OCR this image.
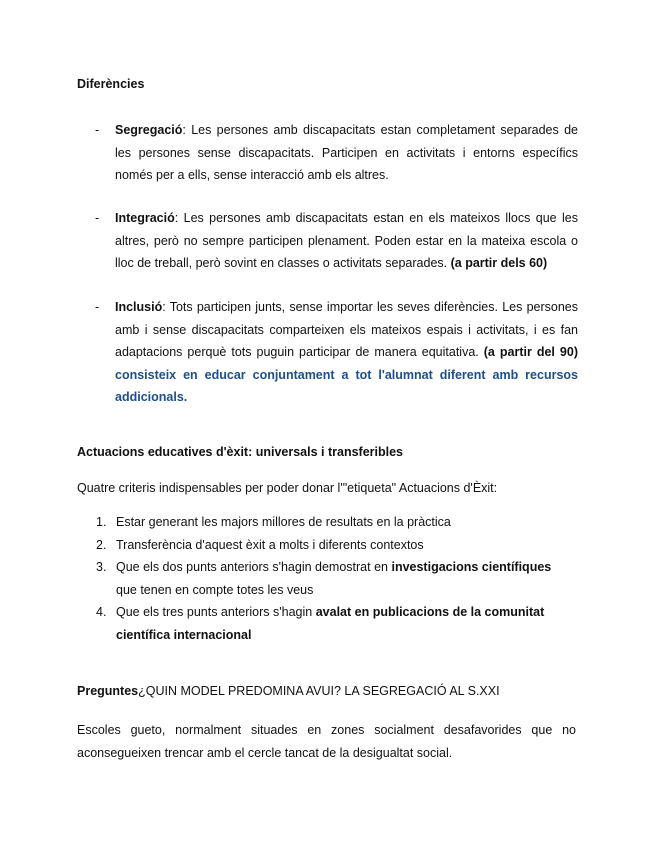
Diferències
- Segregació: Les persones amb discapacitats estan completament separades de les persones sense discapacitats. Participen en activitats i entorns específics només per a ells, sense interacció amb els altres.
- Integració: Les persones amb discapacitats estan en els mateixos llocs que les altres, però no sempre participen plenament. Poden estar en la mateixa escola o lloc de treball, però sovint en classes o activitats separades. (a partir dels 60)
- Inclusió: Tots participen junts, sense importar les seves diferències. Les persones amb i sense discapacitats comparteixen els mateixos espais i activitats, i es fan adaptacions perquè tots puguin participar de manera equitativa. (a partir del 90) consisteix en educar conjuntament a tot l'alumnat diferent amb recursos addicionals.
Actuacions educatives d'èxit: universals i transferibles
Quatre criteris indispensables per poder donar l'"etiqueta" Actuacions d'Èxit:
1. Estar generant les majors millores de resultats en la pràctica
2. Transferència d'aquest èxit a molts i diferents contextos
3. Que els dos punts anteriors s'hagin demostrat en investigacions científiques
que tenen en compte totes les veus
4. Que els tres punts anteriors s'hagin avalat en publicacions de la comunitat
científica internacional
Preguntes¿QUIN MODEL PREDOMINA AVUI? LA SEGREGACIÓ AL S.XXI
Escoles gueto, normalment situades en zones socialment desafavorides que no
aconsegueixen trencar amb el cercle tancat de la desigualtat social.
